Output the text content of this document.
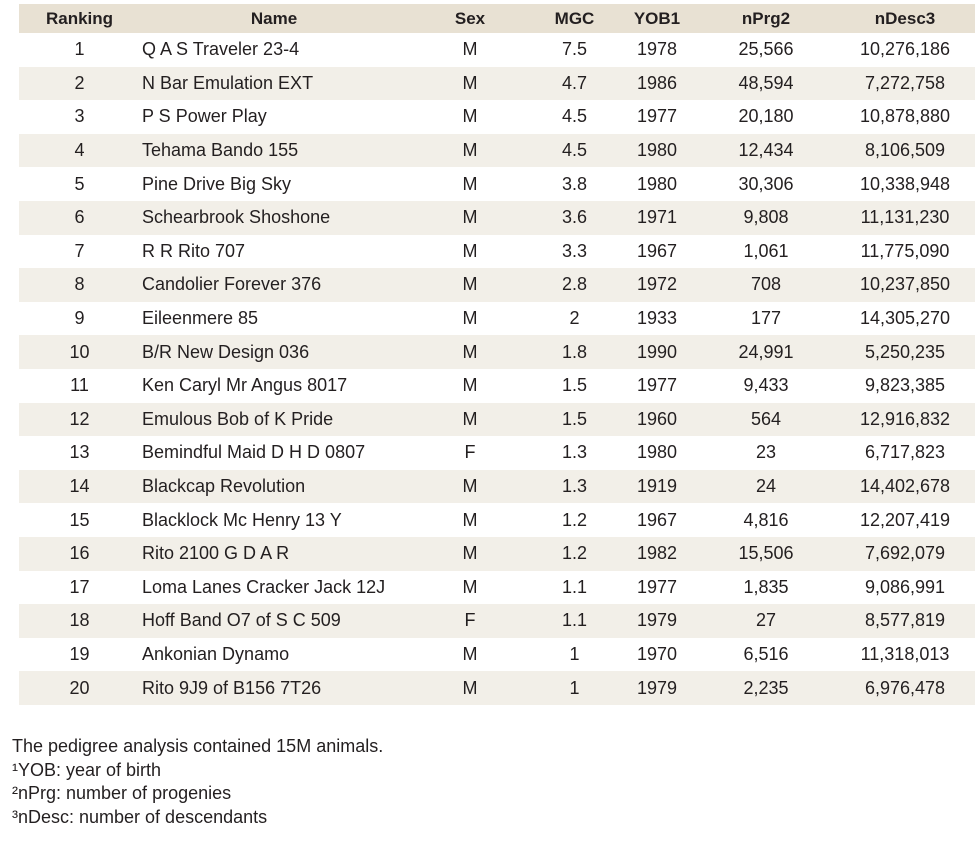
Ranking	Name	Sex	MGC	YOB1	nPrg2	nDesc3
1	Q A S Traveler 23-4	M	7.5	1978	25,566	10,276,186
2	N Bar Emulation EXT	M	4.7	1986	48,594	7,272,758
3	P S Power Play	M	4.5	1977	20,180	10,878,880
4	Tehama Bando 155	M	4.5	1980	12,434	8,106,509
5	Pine Drive Big Sky	M	3.8	1980	30,306	10,338,948
6	Schearbrook Shoshone	M	3.6	1971	9,808	11,131,230
7	R R Rito 707	M	3.3	1967	1,061	11,775,090
8	Candolier Forever 376	M	2.8	1972	708	10,237,850
9	Eileenmere 85	M	2	1933	177	14,305,270
10	B/R New Design 036	M	1.8	1990	24,991	5,250,235
11	Ken Caryl Mr Angus 8017	M	1.5	1977	9,433	9,823,385
12	Emulous Bob of K Pride	M	1.5	1960	564	12,916,832
13	Bemindful Maid D H D 0807	F	1.3	1980	23	6,717,823
14	Blackcap Revolution	M	1.3	1919	24	14,402,678
15	Blacklock Mc Henry 13 Y	M	1.2	1967	4,816	12,207,419
16	Rito 2100 G D A R	M	1.2	1982	15,506	7,692,079
17	Loma Lanes Cracker Jack 12J	M	1.1	1977	1,835	9,086,991
18	Hoff Band O7 of S C 509	F	1.1	1979	27	8,577,819
19	Ankonian Dynamo	M	1	1970	6,516	11,318,013
20	Rito 9J9 of B156 7T26	M	1	1979	2,235	6,976,478
The pedigree analysis contained 15M animals.
¹YOB: year of birth
²nPrg: number of progenies
³nDesc: number of descendants
